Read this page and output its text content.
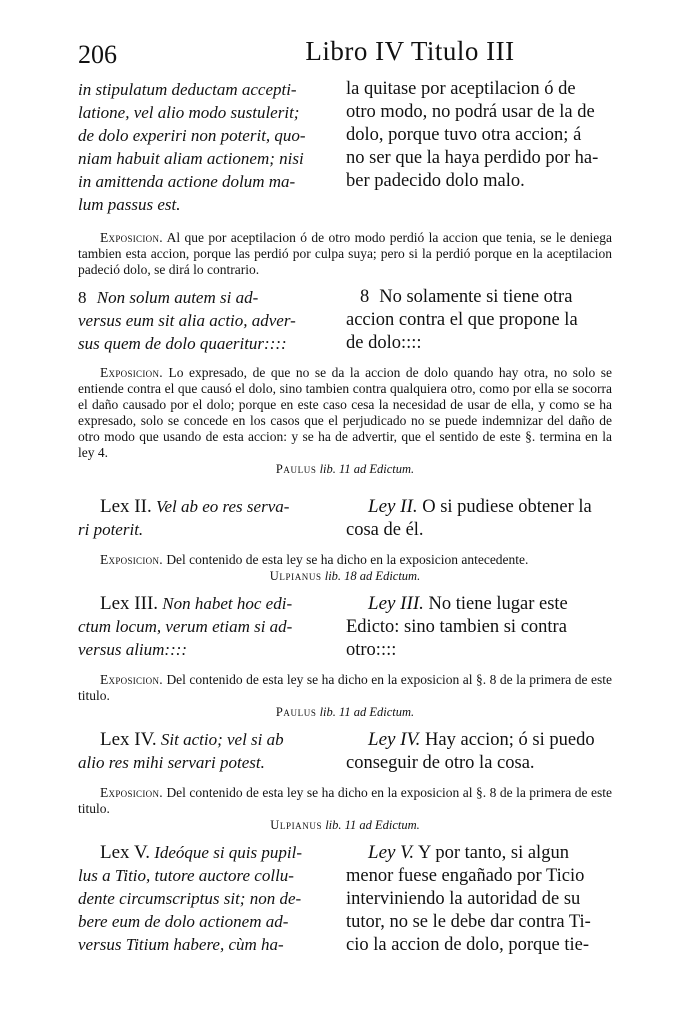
206	Libro IV Titulo III
in stipulatum deductam accepti-
latione, vel alio modo sustulerit;
de dolo experiri non poterit, quo-
niam habuit aliam actionem; nisi
in amittenda actione dolum ma-
lum passus est.
la quitase por aceptilacion ó de
otro modo, no podrá usar de la de
dolo, porque tuvo otra accion; á
no ser que la haya perdido por ha-
ber padecido dolo malo.
Exposicion. Al que por aceptilacion ó de otro modo perdió la accion que tenia, se le deniega tambien esta accion, porque las perdió por culpa suya; pero si la perdió porque en la aceptilacion padeció dolo, se dirá lo contrario.
8 Non solum autem si ad-
versus eum sit alia actio, adver-
sus quem de dolo quaeritur::::
8 No solamente si tiene otra
accion contra el que propone la
de dolo::::
Exposicion. Lo expresado, de que no se da la accion de dolo quando hay otra, no solo se entiende contra el que causó el dolo, sino tambien contra qualquiera otro, como por ella se socorra el daño causado por el dolo; porque en este caso cesa la necesidad de usar de ella, y como se ha expresado, solo se concede en los casos que el perjudicado no se puede indemnizar del daño de otro modo que usando de esta accion: y se ha de advertir, que el sentido de este §. termina en la ley 4.
Paulus lib. 11 ad Edictum.
Lex II. Vel ab eo res serva-
ri poterit.
Ley II. O si pudiese obtener la
cosa de él.
Exposicion. Del contenido de esta ley se ha dicho en la exposicion antecedente.
Ulpianus lib. 18 ad Edictum.
Lex III. Non habet hoc edi-
ctum locum, verum etiam si ad-
versus alium::::
Ley III. No tiene lugar este
Edicto: sino tambien si contra
otro::::
Exposicion. Del contenido de esta ley se ha dicho en la exposicion al §. 8 de la primera de este titulo.
Paulus lib. 11 ad Edictum.
Lex IV. Sit actio; vel si ab
alio res mihi servari potest.
Ley IV. Hay accion; ó si puedo
conseguir de otro la cosa.
Exposicion. Del contenido de esta ley se ha dicho en la exposicion al §. 8 de la primera de este titulo.
Ulpianus lib. 11 ad Edictum.
Lex V. Ideóque si quis pupil-
lus a Titio, tutore auctore collu-
dente circumscriptus sit; non de-
bere eum de dolo actionem ad-
versus Titium habere, cùm ha-
Ley V. Y por tanto, si algun
menor fuese engañado por Ticio
interviniendo la autoridad de su
tutor, no se le debe dar contra Ti-
cio la accion de dolo, porque tie-
